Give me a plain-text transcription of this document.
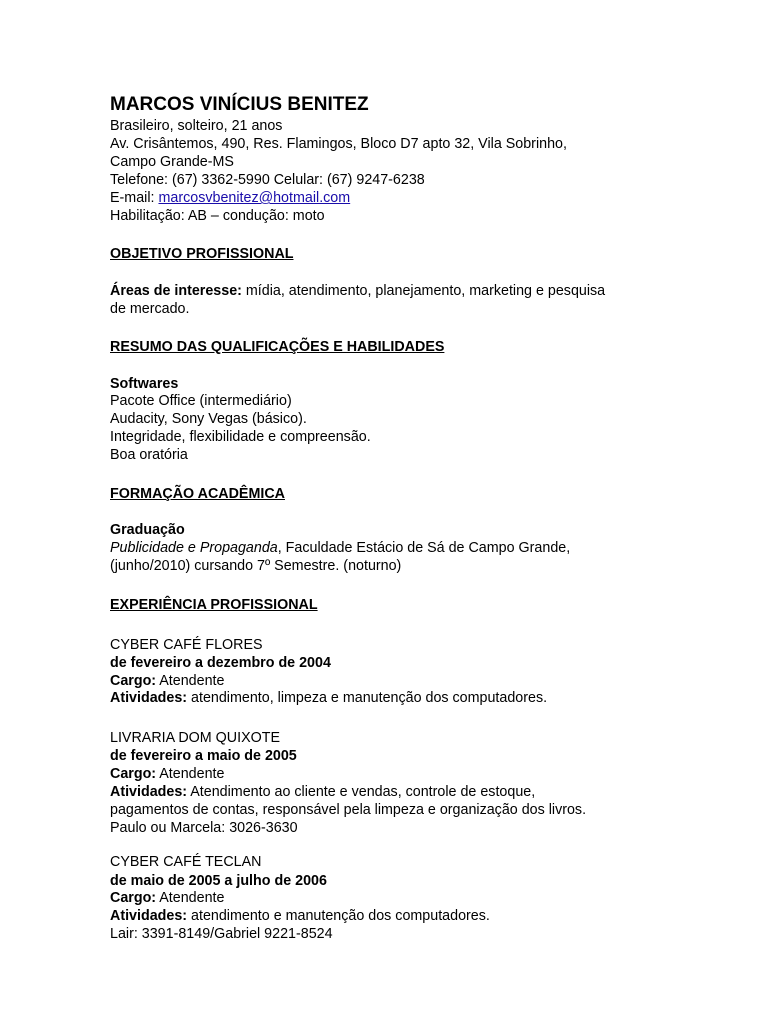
MARCOS VINÍCIUS BENITEZ
Brasileiro, solteiro, 21 anos
Av. Crisântemos, 490, Res. Flamingos, Bloco D7 apto 32, Vila Sobrinho,
Campo Grande-MS
Telefone: (67) 3362-5990 Celular: (67) 9247-6238
E-mail: marcosvbenitez@hotmail.com
Habilitação: AB – condução: moto
OBJETIVO PROFISSIONAL
Áreas de interesse: mídia, atendimento, planejamento, marketing e pesquisa
de mercado.
RESUMO DAS QUALIFICAÇÕES E HABILIDADES
Softwares
Pacote Office (intermediário)
Audacity, Sony Vegas (básico).
Integridade, flexibilidade e compreensão.
Boa oratória
FORMAÇÃO ACADÊMICA
Graduação
Publicidade e Propaganda, Faculdade Estácio de Sá de Campo Grande,
(junho/2010) cursando 7º Semestre. (noturno)
EXPERIÊNCIA PROFISSIONAL
CYBER CAFÉ FLORES
de fevereiro a dezembro de 2004
Cargo: Atendente
Atividades: atendimento, limpeza e manutenção dos computadores.
LIVRARIA DOM QUIXOTE
de fevereiro a maio de 2005
Cargo: Atendente
Atividades: Atendimento ao cliente e vendas, controle de estoque,
pagamentos de contas, responsável pela limpeza e organização dos livros.
Paulo ou Marcela: 3026-3630
CYBER CAFÉ TECLAN
de maio de 2005 a julho de 2006
Cargo: Atendente
Atividades: atendimento e manutenção dos computadores.
Lair: 3391-8149/Gabriel 9221-8524
